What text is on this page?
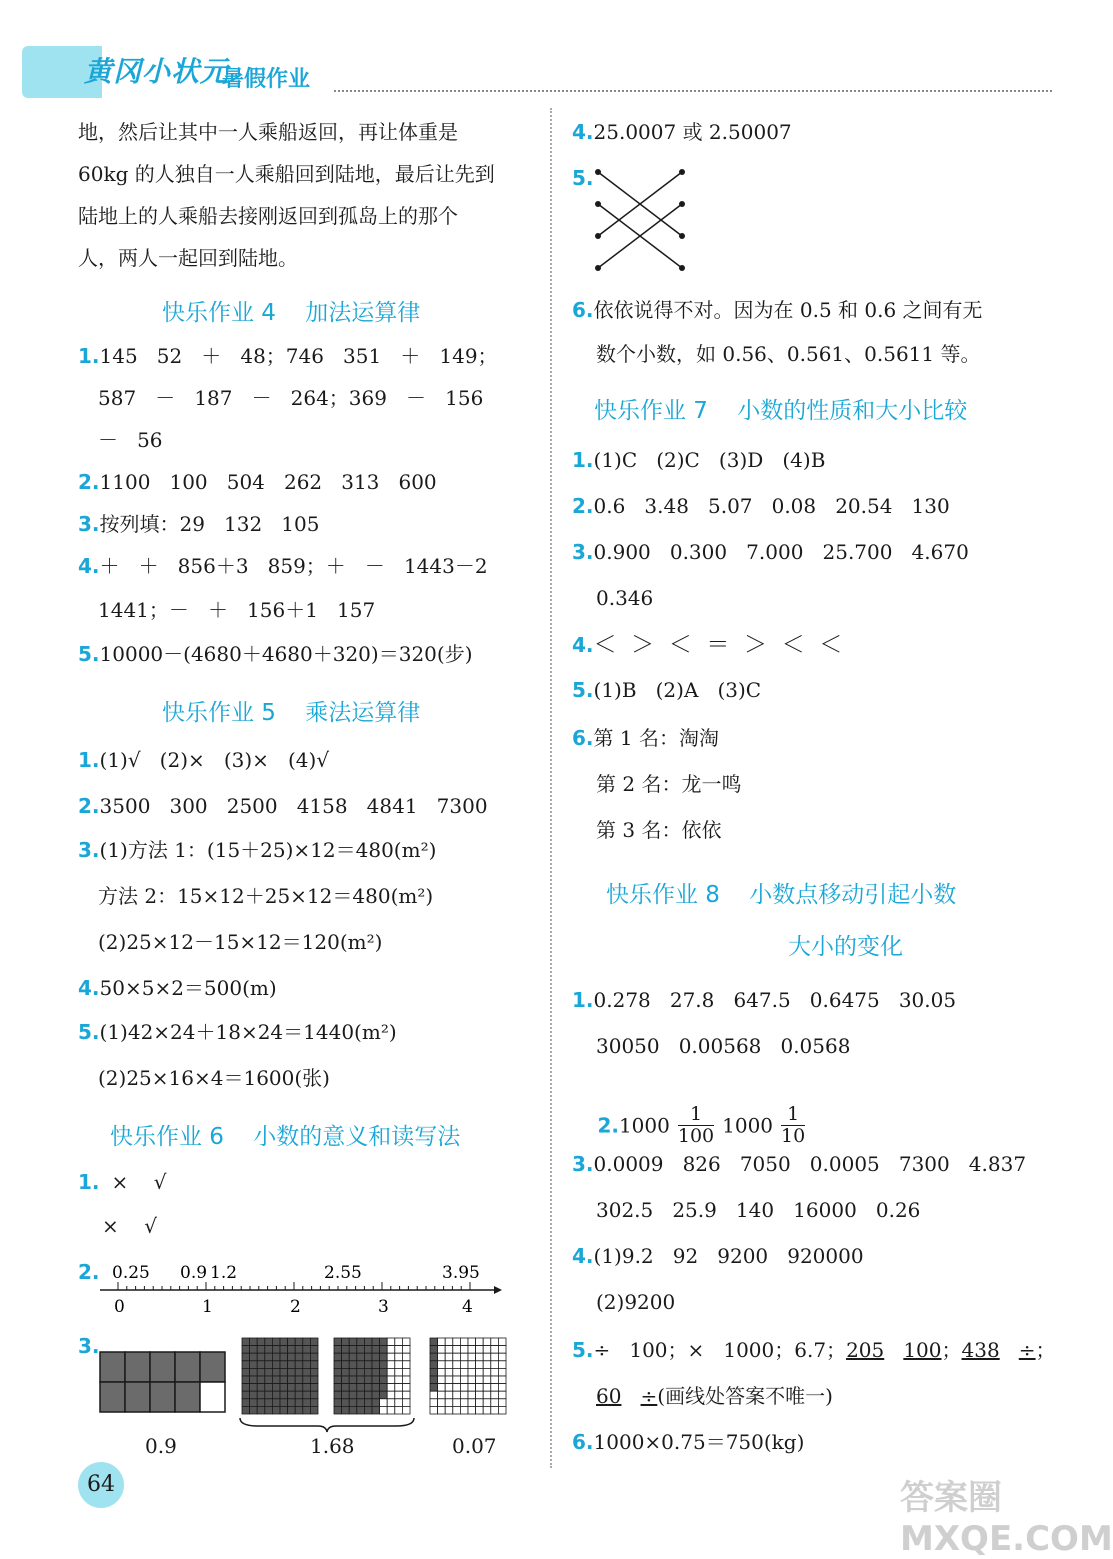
黄冈小状元
暑假作业
地，然后让其中一人乘船返回，再让体重是
60kg 的人独自一人乘船回到陆地，最后让先到
陆地上的人乘船去接刚返回到孤岛上的那个
人，两人一起回到陆地。
快乐作业 4    加法运算律
1.145   52   ＋   48；746   351   ＋   149；
587   －   187   －   264；369   －   156
－   56
2.1100   100   504   262   313   600
3.按列填：29   132   105
4.＋   ＋   856＋3   859；＋   －   1443－2
1441；－   ＋   156＋1   157
5.10000－(4680＋4680＋320)＝320(步)
快乐作业 5    乘法运算律
1.(1)√   (2)×   (3)×   (4)√
2.3500   300   2500   4158   4841   7300
3.(1)方法 1：(15＋25)×12＝480(m²)
方法 2：15×12＋25×12＝480(m²)
(2)25×12－15×12＝120(m²)
4.50×5×2＝500(m)
5.(1)42×24＋18×24＝1440(m²)
(2)25×16×4＝1600(张)
快乐作业 6    小数的意义和读写法
1. ×    √
×    √
2. 0.25 0.9 1.2	2.55	3.95
0	1	2	3	4
3.
0.9	1.68	0.07
4.25.0007 或 2.50007
5.
6.依依说得不对。因为在 0.5 和 0.6 之间有无
数个小数，如 0.56、0.561、0.5611 等。
快乐作业 7    小数的性质和大小比较
1.(1)C   (2)C   (3)D   (4)B
2.0.6   3.48   5.07   0.08   20.54   130
3.0.900   0.300   7.000   25.700   4.670
0.346
4.＜  ＞  ＜  ＝  ＞  ＜  ＜
5.(1)B   (2)A   (3)C
6.第 1 名：淘淘
第 2 名：龙一鸣
第 3 名：依依
快乐作业 8    小数点移动引起小数
大小的变化
1.0.278   27.8   647.5   0.6475   30.05
30050   0.00568   0.0568

$2.1000 \frac{1}{100} 1000 \frac{1}{10}$

3.0.0009   826   7050   0.0005   7300   4.837
302.5   25.9   140   16000   0.26
4.(1)9.2   92   9200   920000
(2)9200
5.÷   100；×   1000；6.7；205 100；438 ÷；
60 ÷(画线处答案不唯一)
6.1000×0.75＝750(kg)
64	答案圈 MXQE.COM
